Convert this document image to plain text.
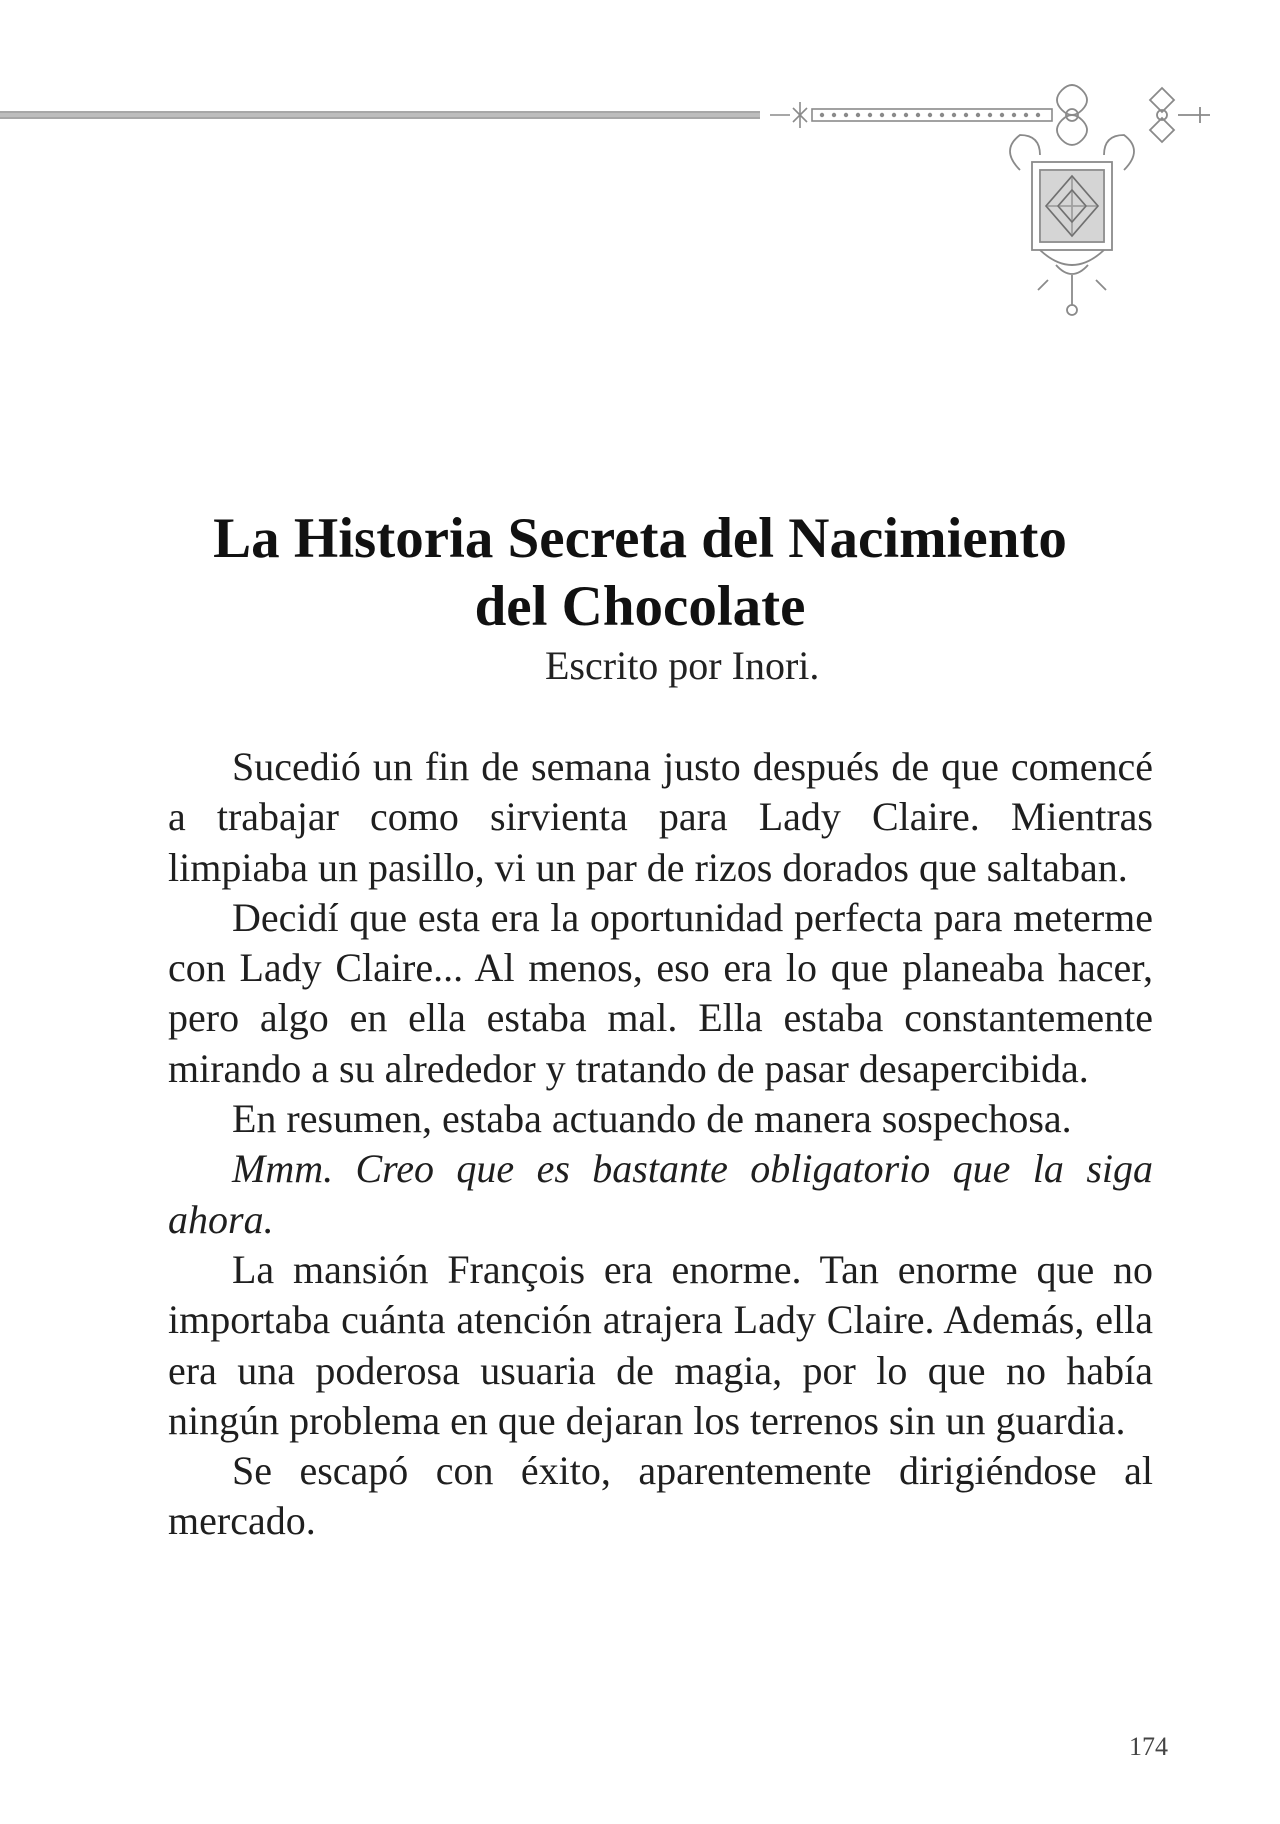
La Historia Secreta del Nacimiento
del Chocolate

Escrito por Inori.

Sucedió un fin de semana justo después de que comencé a trabajar como sirvienta para Lady Claire. Mientras limpiaba un pasillo, vi un par de rizos dorados que saltaban.

Decidí que esta era la oportunidad perfecta para meterme con Lady Claire... Al menos, eso era lo que planeaba hacer, pero algo en ella estaba mal. Ella estaba constantemente mirando a su alrededor y tratando de pasar desapercibida.

En resumen, estaba actuando de manera sospechosa.

Mmm. Creo que es bastante obligatorio que la siga ahora.

La mansión François era enorme. Tan enorme que no importaba cuánta atención atrajera Lady Claire. Además, ella era una poderosa usuaria de magia, por lo que no había ningún problema en que dejaran los terrenos sin un guardia.

Se escapó con éxito, aparentemente dirigiéndose al mercado.

174
